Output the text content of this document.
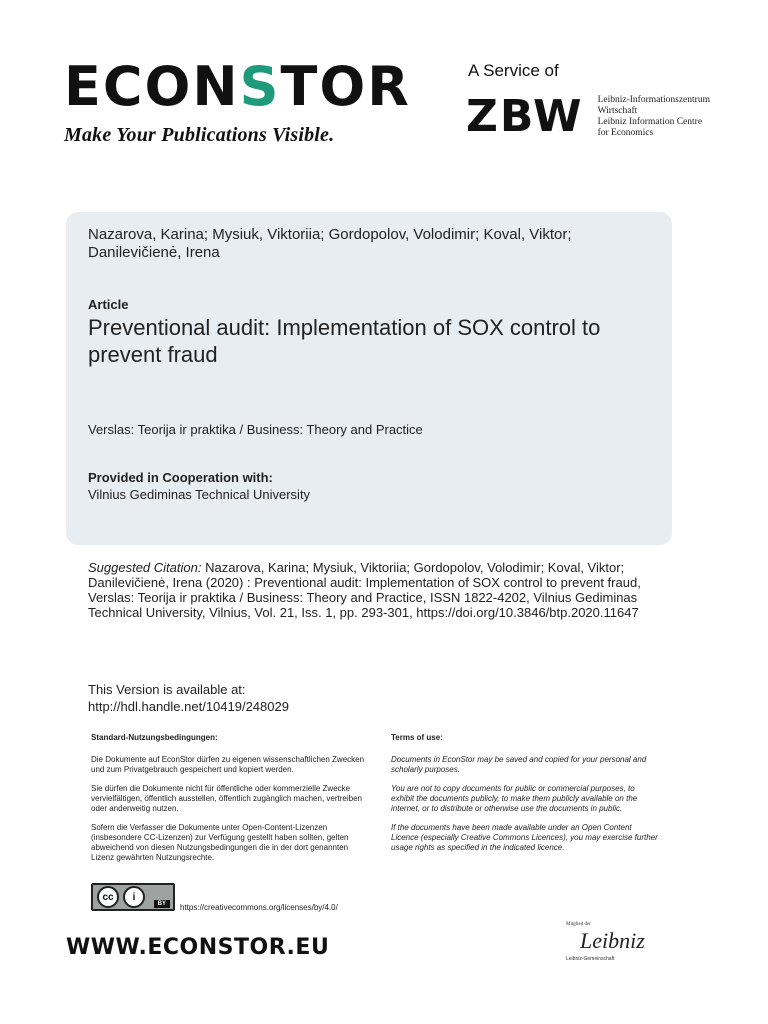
ECON S TOR
Make Your Publications Visible.
A Service of
ZBW Leibniz-Informationszentrum
Wirtschaft
Leibniz Information Centre
for Economics
Nazarova, Karina; Mysiuk, Viktoriia; Gordopolov, Volodimir; Koval, Viktor; Danilevičienė, Irena
Article
Preventional audit: Implementation of SOX control to prevent fraud
Verslas: Teorija ir praktika / Business: Theory and Practice
Provided in Cooperation with:
Vilnius Gediminas Technical University
Suggested Citation: Nazarova, Karina; Mysiuk, Viktoriia; Gordopolov, Volodimir; Koval, Viktor; Danilevičienė, Irena (2020) : Preventional audit: Implementation of SOX control to prevent fraud, Verslas: Teorija ir praktika / Business: Theory and Practice, ISSN 1822-4202, Vilnius Gediminas Technical University, Vilnius, Vol. 21, Iss. 1, pp. 293-301, https://doi.org/10.3846/btp.2020.11647
This Version is available at:
http://hdl.handle.net/10419/248029
Standard-Nutzungsbedingungen:

Die Dokumente auf EconStor dürfen zu eigenen wissenschaftlichen Zwecken und zum Privatgebrauch gespeichert und kopiert werden.

Sie dürfen die Dokumente nicht für öffentliche oder kommerzielle Zwecke vervielfältigen, öffentlich ausstellen, öffentlich zugänglich machen, vertreiben oder anderweitig nutzen.

Sofern die Verfasser die Dokumente unter Open-Content-Lizenzen (insbesondere CC-Lizenzen) zur Verfügung gestellt haben sollten, gelten abweichend von diesen Nutzungsbedingungen die in der dort genannten Lizenz gewährten Nutzungsrechte.

Terms of use:

Documents in EconStor may be saved and copied for your personal and scholarly purposes.

You are not to copy documents for public or commercial purposes, to exhibit the documents publicly, to make them publicly available on the internet, or to distribute or otherwise use the documents in public.

If the documents have been made available under an Open Content Licence (especially Creative Commons Licences), you may exercise further usage rights as specified in the indicated licence.

cc	i
BY	https://creativecommons.org/licenses/by/4.0/
WWW.ECONSTOR.EU
Mitglied der
Leibniz
Leibniz-Gemeinschaft
